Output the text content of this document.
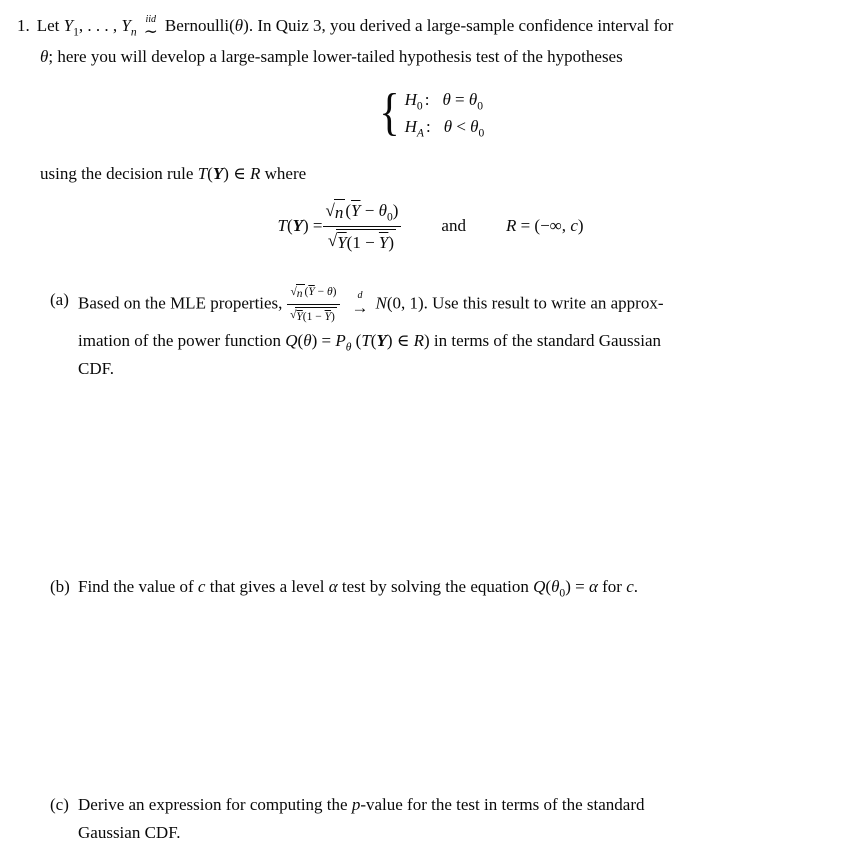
1. Let $Y_1$, . . . , $Y_n$
iid
∼ Bernoulli(θ). In Quiz 3, you derived a large-sample confidence interval for
θ; here you will develop a large-sample lower-tailed hypothesis test of the hypotheses
{ $H_0$ : $\theta = \theta_0$
$H_A$ : $\theta < \theta_0$
using the decision rule T(Y) ∈ R where
$T(Y) = \frac{√ n (\overline{Y} - \theta_0)}{√ Y(1 - \overline{Y})}$ and R = (−∞, c)
(a) Based on the MLE properties, $\frac{√ n (\overline{Y} - \theta)}{√ Y(1 - \overline{Y})}$ d
→ N(0, 1). Use this result to write an approx-
imation of the power function $Q(\theta) = P_\theta$ (T(Y) ∈ R) in terms of the standard Gaussian
CDF.
(b) Find the value of c that gives a level α test by solving the equation $Q(\theta_0) = \alpha$ for c.
(c) Derive an expression for computing the p-value for the test in terms of the standard
Gaussian CDF.
